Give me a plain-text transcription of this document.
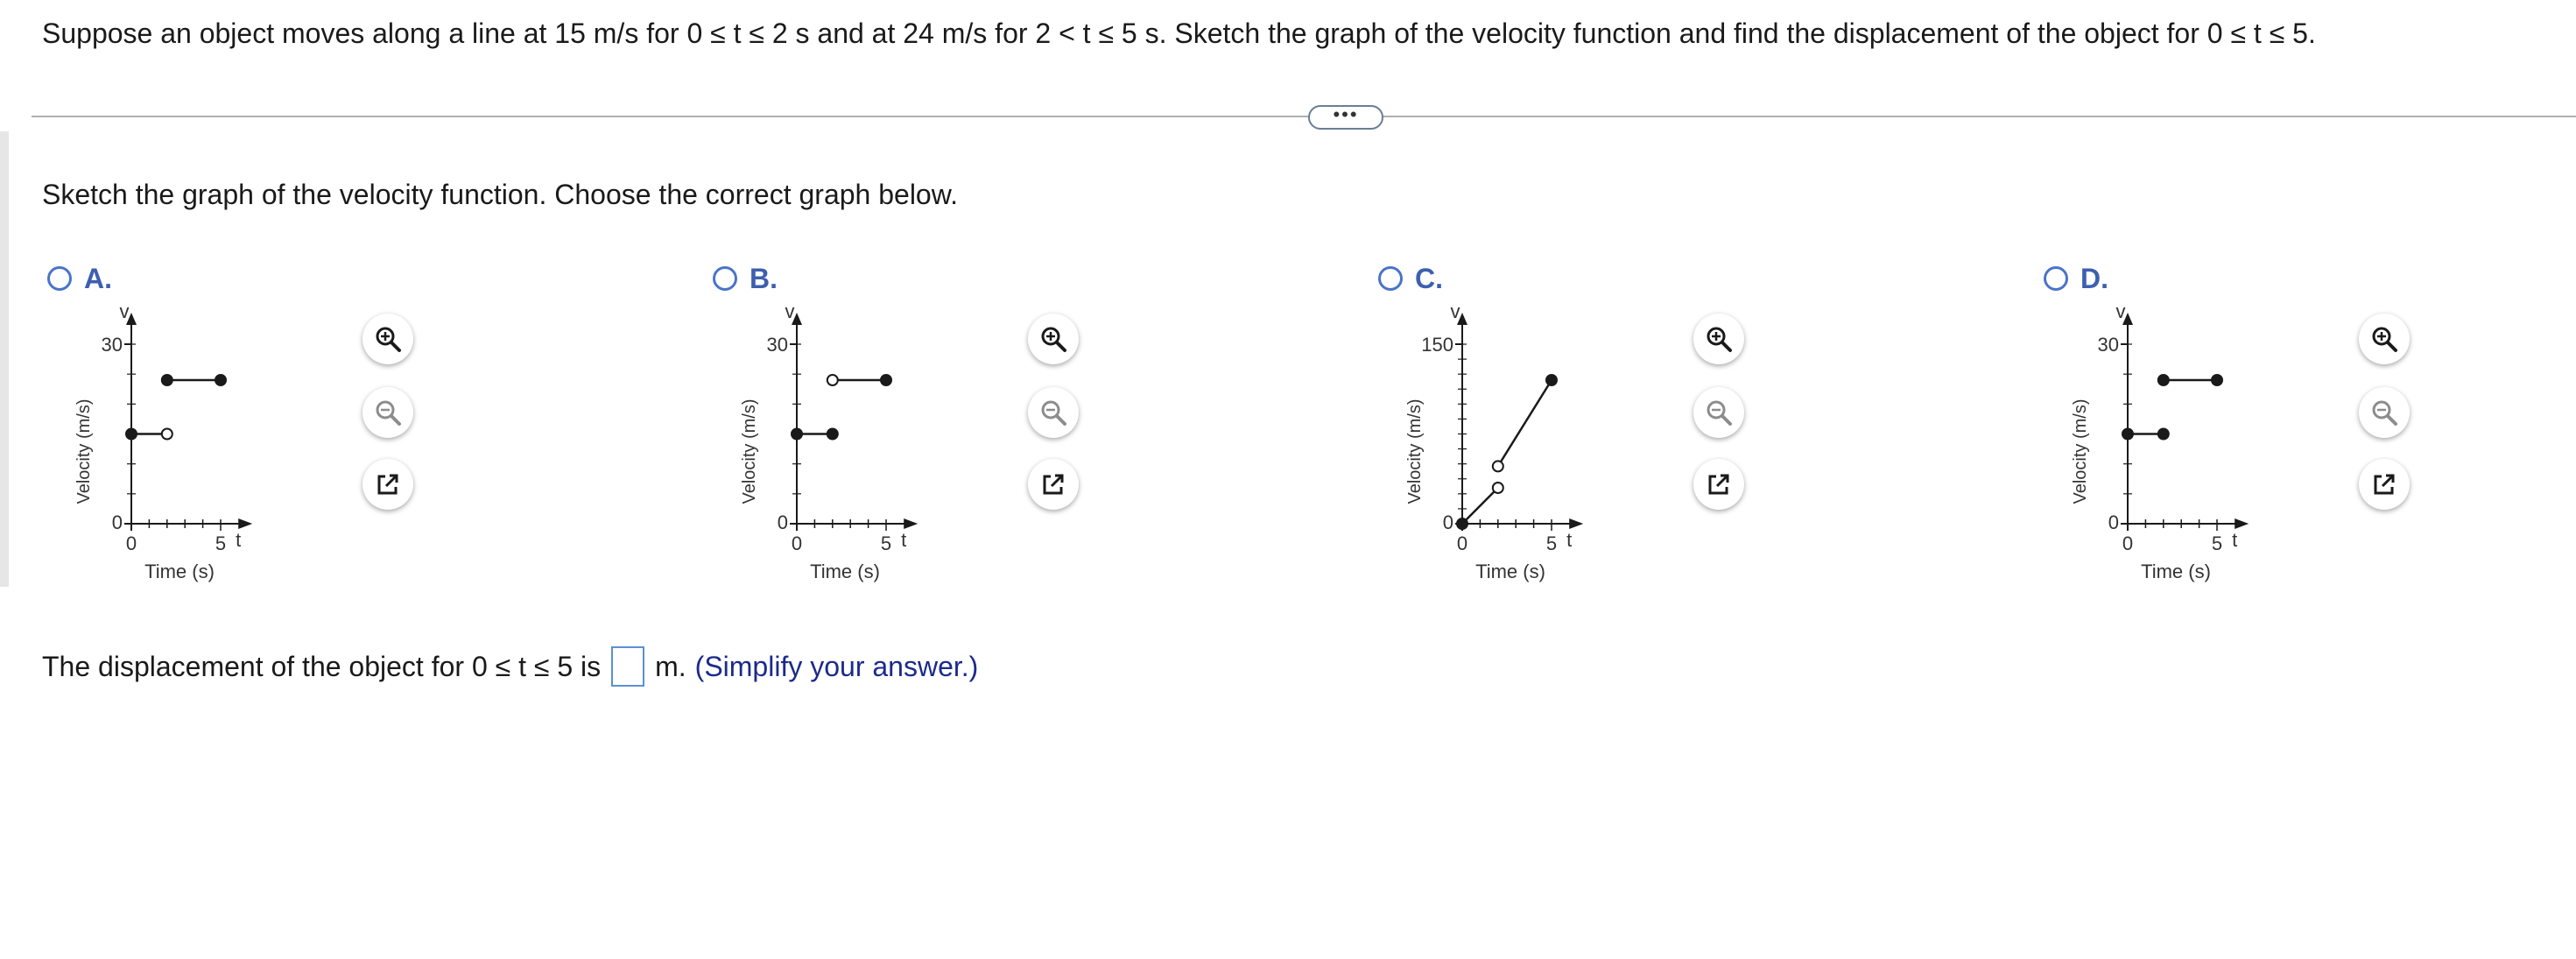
Suppose an object moves along a line at 15 m/s for 0 ≤ t ≤ 2 s and at 24 m/s for 2 < t ≤ 5 s. Sketch the graph of the velocity function and find the displacement of the object for 0 ≤ t ≤ 5.
•••
Sketch the graph of the velocity function. Choose the correct graph below.
A.
Velocity (m/s)
30
0
0	5 t
v
Time (s)
B.
Velocity (m/s)
30
0
0	5 t
v
Time (s)
C.
Velocity (m/s)
150
0
0	5 t
v
Time (s)
D.
Velocity (m/s)
30
0
0	5 t
v
Time (s)
The displacement of the object for 0 ≤ t ≤ 5 is m. (Simplify your answer.)
